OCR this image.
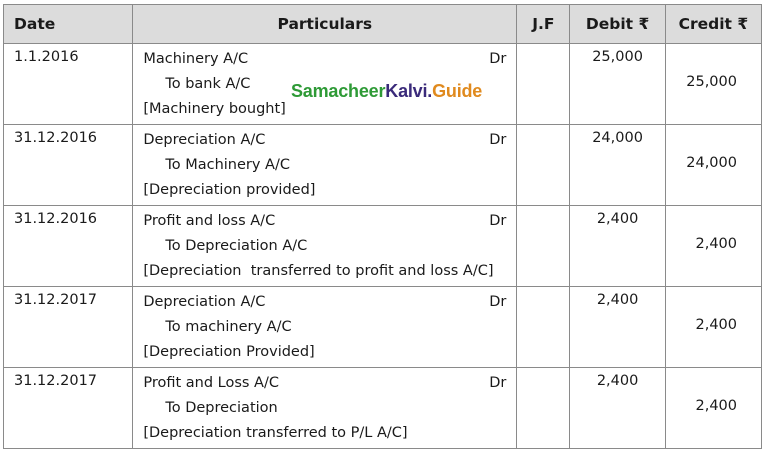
Date	Particulars	J.F	Debit ₹	Credit ₹
1.1.2016	Machinery A/C Dr
To bank A/C
[Machinery bought]		25,000	25,000
31.12.2016	Depreciation A/C Dr
To Machinery A/C
[Depreciation provided]		24,000	24,000
31.12.2016	Profit and loss A/C Dr
To Depreciation A/C
[Depreciation  transferred to profit and loss A/C]		2,400	2,400
31.12.2017	Depreciation A/C Dr
To machinery A/C
[Depreciation Provided]		2,400	2,400
31.12.2017	Profit and Loss A/C Dr
To Depreciation
[Depreciation transferred to P/L A/C]		2,400	2,400
SamacheerKalvi.Guide
